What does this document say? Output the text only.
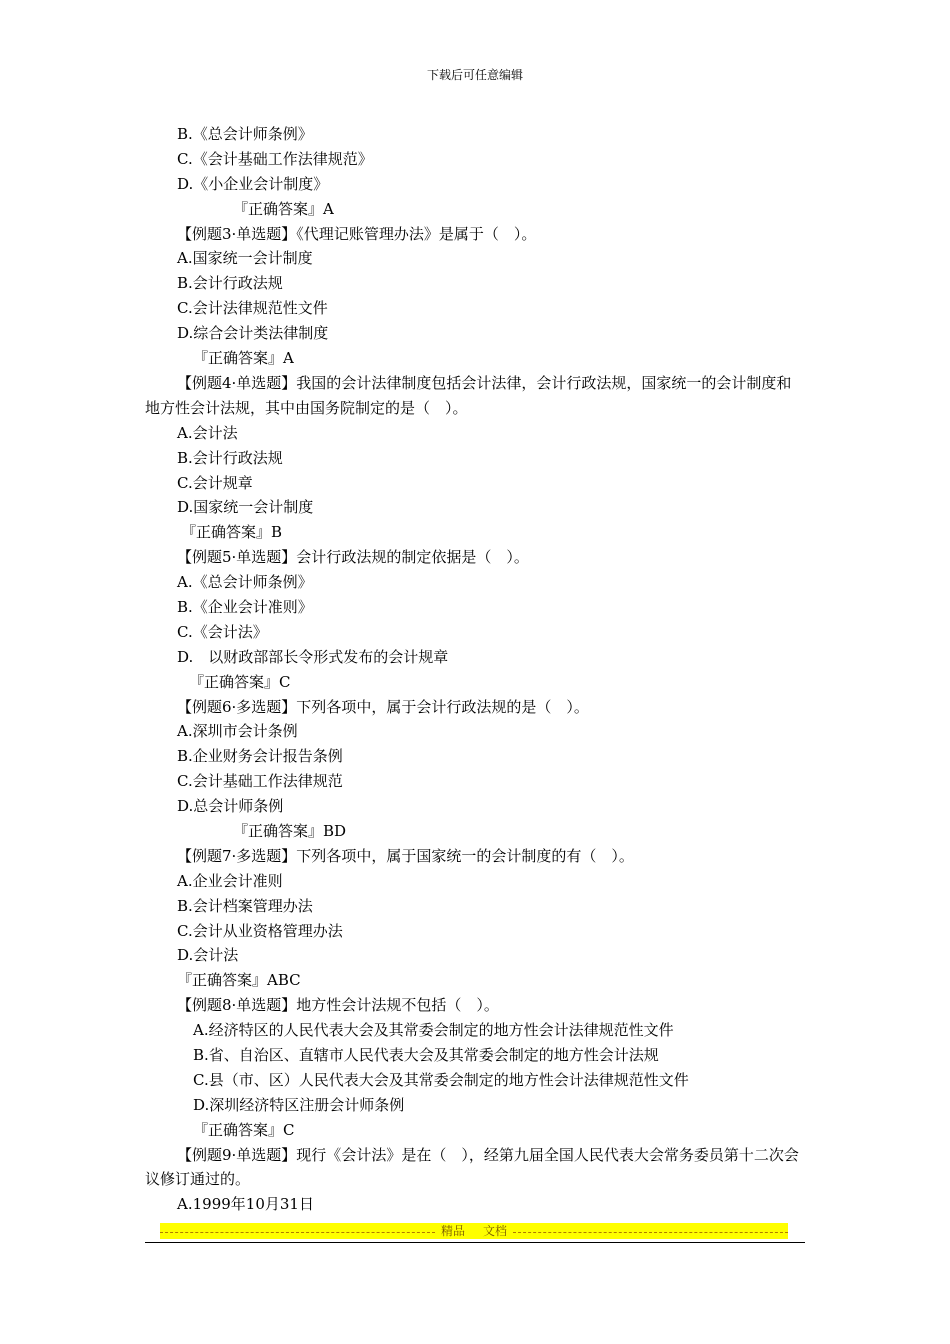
下载后可任意编辑
B.《总会计师条例》
C.《会计基础工作法律规范》
D.《小企业会计制度》
『正确答案』A
【例题3·单选题】《代理记账管理办法》是属于（　）。
A.国家统一会计制度
B.会计行政法规
C.会计法律规范性文件
D.综合会计类法律制度
『正确答案』A
【例题4·单选题】我国的会计法律制度包括会计法律，会计行政法规，国家统一的会计制度和地方性会计法规，其中由国务院制定的是（　）。
A.会计法
B.会计行政法规
C.会计规章
D.国家统一会计制度
『正确答案』B
【例题5·单选题】会计行政法规的制定依据是（　）。
A.《总会计师条例》
B.《企业会计准则》
C.《会计法》
D.　以财政部部长令形式发布的会计规章
『正确答案』C
【例题6·多选题】下列各项中，属于会计行政法规的是（　）。
A.深圳市会计条例
B.企业财务会计报告条例
C.会计基础工作法律规范
D.总会计师条例
『正确答案』BD
【例题7·多选题】下列各项中，属于国家统一的会计制度的有（　）。
A.企业会计准则
B.会计档案管理办法
C.会计从业资格管理办法
D.会计法
『正确答案』ABC
【例题8·单选题】地方性会计法规不包括（　）。
A.经济特区的人民代表大会及其常委会制定的地方性会计法律规范性文件
B.省、自治区、直辖市人民代表大会及其常委会制定的地方性会计法规
C.县（市、区）人民代表大会及其常委会制定的地方性会计法律规范性文件
D.深圳经济特区注册会计师条例
『正确答案』C
【例题9·单选题】现行《会计法》是在（　），经第九届全国人民代表大会常务委员第十二次会议修订通过的。
A.1999年10月31日
精品 文档
